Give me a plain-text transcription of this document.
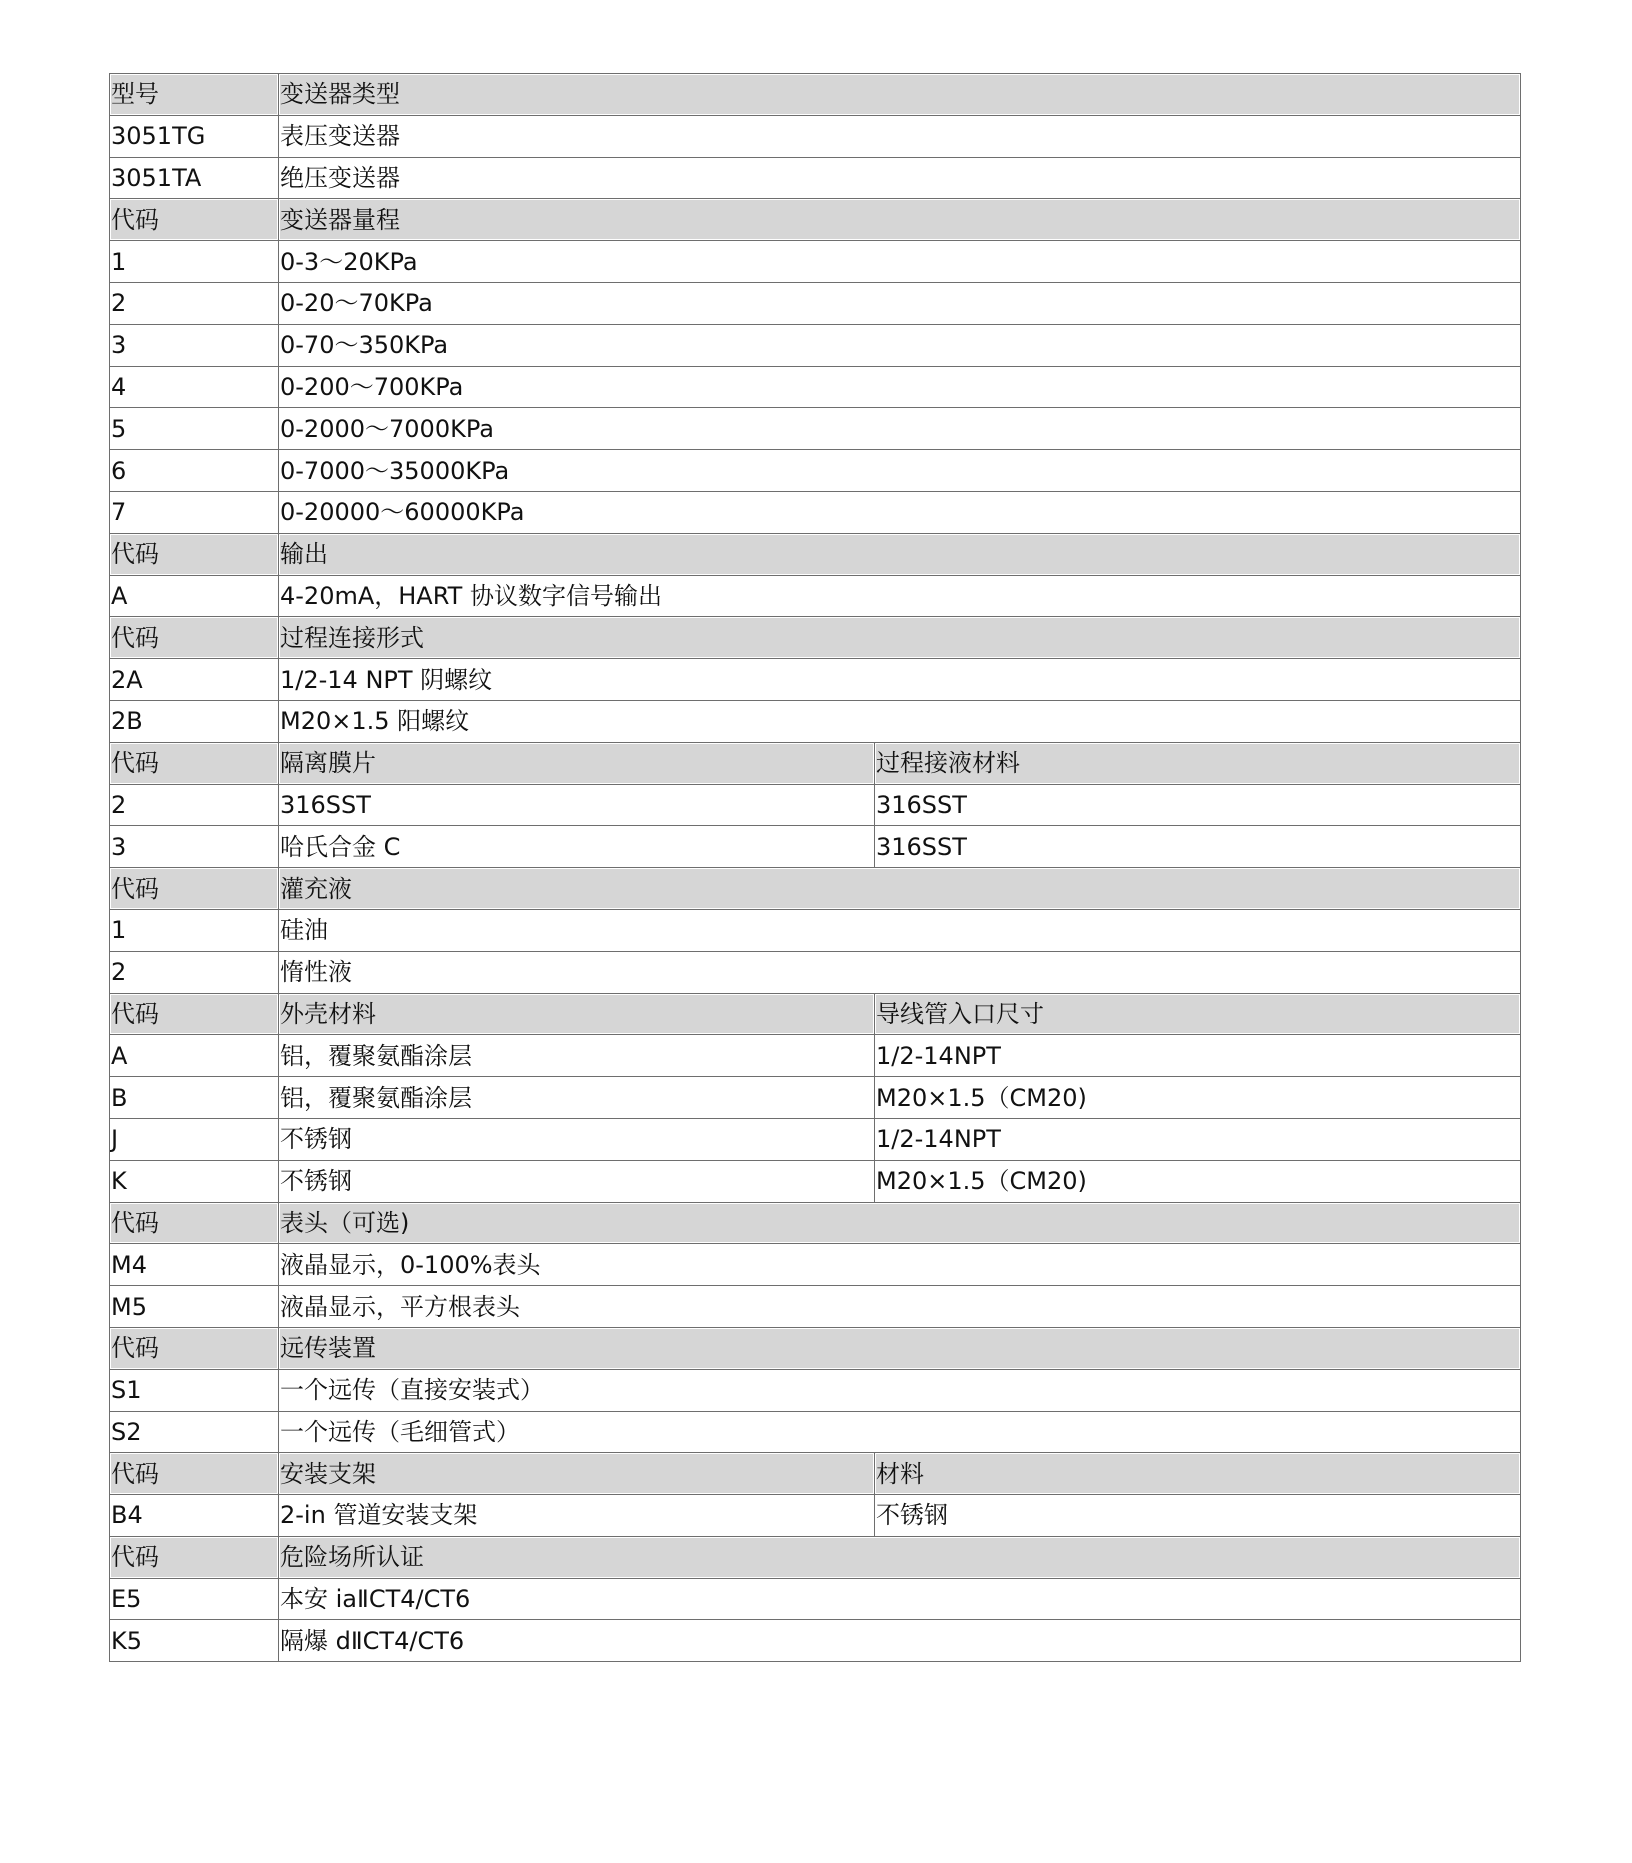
型号	变送器类型	
3051TG	表压变送器	
3051TA	绝压变送器	
代码	变送器量程	
1	0-3～20KPa	
2	0-20～70KPa	
3	0-70～350KPa	
4	0-200～700KPa	
5	0-2000～7000KPa	
6	0-7000～35000KPa	
7	0-20000～60000KPa	
代码	输出	
A	4-20mA，HART 协议数字信号输出	
代码	过程连接形式	
2A	1/2-14 NPT 阴螺纹	
2B	M20×1.5 阳螺纹	
代码	隔离膜片	过程接液材料
2	316SST	316SST
3	哈氏合金 C	316SST
代码	灌充液	
1	硅油	
2	惰性液	
代码	外壳材料	导线管入口尺寸
A	铝，覆聚氨酯涂层	1/2-14NPT
B	铝，覆聚氨酯涂层	M20×1.5（CM20)
J	不锈钢	1/2-14NPT
K	不锈钢	M20×1.5（CM20)
代码	表头（可选)	
M4	液晶显示，0-100%表头	
M5	液晶显示，平方根表头	
代码	远传装置	
S1	一个远传（直接安装式）	
S2	一个远传（毛细管式）	
代码	安装支架	材料
B4	2-in 管道安装支架	不锈钢
代码	危险场所认证	
E5	本安 iaⅡCT4/CT6	
K5	隔爆 dⅡCT4/CT6	
